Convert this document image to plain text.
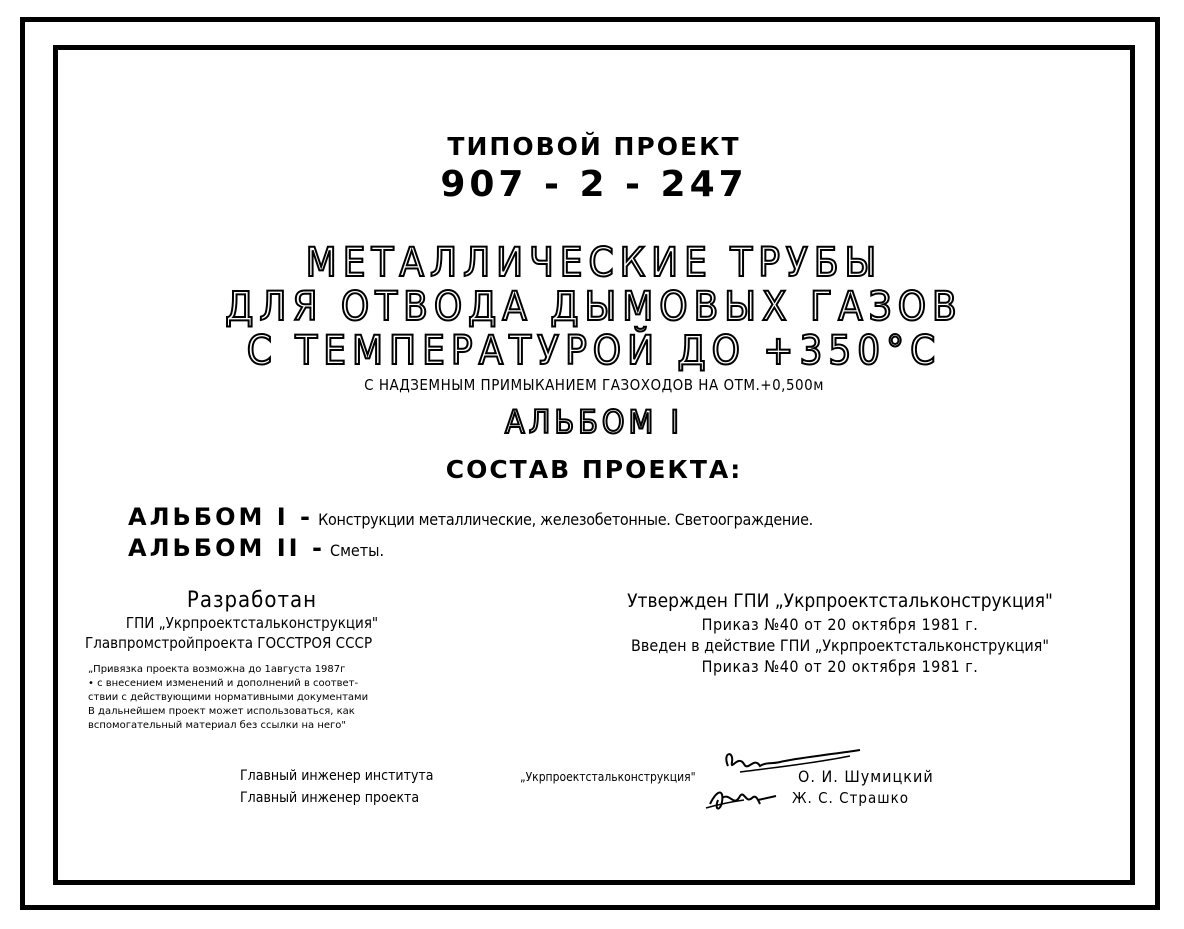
ТИПОВОЙ ПРОЕКТ
907 - 2 - 247
МЕТАЛЛИЧЕСКИЕ ТРУБЫ
ДЛЯ ОТВОДА ДЫМОВЫХ ГАЗОВ
С ТЕМПЕРАТУРОЙ ДО +350°С
С НАДЗЕМНЫМ ПРИМЫКАНИЕМ ГАЗОХОДОВ НА ОТМ.+0,500м
АЛЬБОМ I
СОСТАВ ПРОЕКТА:
АЛЬБОМ I - Конструкции металлические, железобетонные. Светоограждение.
АЛЬБОМ II - Сметы.
Разработан
ГПИ „Укрпроектстальконструкция"
Главпромстройпроекта ГОССТРОЯ СССР
„Привязка проекта возможна до 1августа 1987г
• с внесением изменений и дополнений в соответ-
ствии с действующими нормативными документами
В дальнейшем проект может использоваться, как
вспомогательный материал без ссылки на него"
Утвержден ГПИ „Укрпроектстальконструкция"
Приказ №40 от 20 октября 1981 г.
Введен в действие ГПИ „Укрпроектстальконструкция"
Приказ №40 от 20 октября 1981 г.
Главный инженер института
Главный инженер проекта
„Укрпроектстальконструкция"	О. И. Шумицкий
Ж. С. Страшко
